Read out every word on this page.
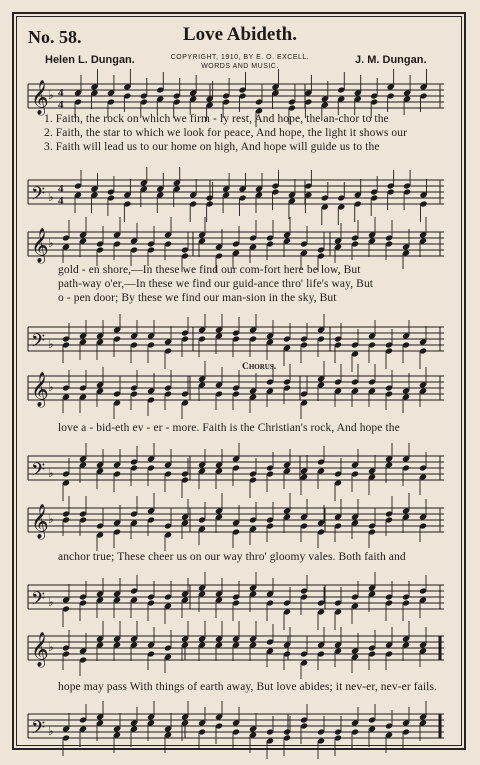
No. 58.	Love Abideth.
COPYRIGHT, 1910, BY E. O. EXCELL.
WORDS AND MUSIC.
Helen L. Dungan.	J. M. Dungan.
𝄞 ♭ 4
4
𝄢 ♭
4
4
𝄞 ♭
𝄢 ♭
𝄞 ♭
𝄢 ♭
𝄞 ♭
𝄢 ♭
𝄞 ♭
𝄢 ♭
1. Faith, the rock on which we firm - ly rest, And hope, the an-chor to the
2. Faith, the star to which we look for peace, And hope, the light it shows our
3. Faith will lead us to our home on high, And hope will guide us to the
gold - en shore,—In these we find our com-fort here be low, But
path-way o'er,—In these we find our guid-ance thro' life's way, But
o - pen door; By these we find our man-sion in the sky, But
Chorus.
love a - bid-eth ev - er - more. Faith is the Christian's rock, And hope the
anchor true; These cheer us on our way thro' gloomy vales. Both faith and
hope may pass With things of earth away, But love abides; it nev-er, nev-er fails.
